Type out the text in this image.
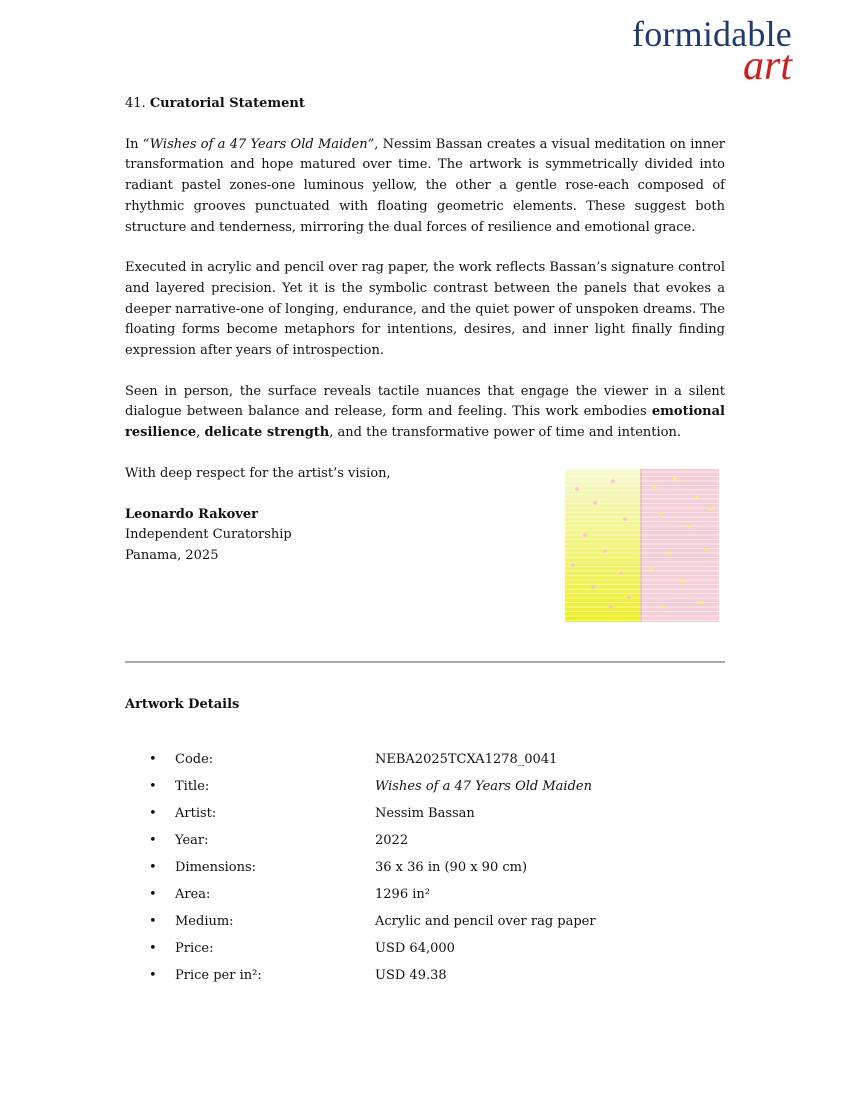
formidable
art

41. Curatorial Statement

In “Wishes of a 47 Years Old Maiden”, Nessim Bassan creates a visual meditation on inner transformation and hope matured over time. The artwork is symmetrically divided into radiant pastel zones-one luminous yellow, the other a gentle rose-each composed of rhythmic grooves punctuated with floating geometric elements. These suggest both structure and tenderness, mirroring the dual forces of resilience and emotional grace.

Executed in acrylic and pencil over rag paper, the work reflects Bassan’s signature control and layered precision. Yet it is the symbolic contrast between the panels that evokes a deeper narrative-one of longing, endurance, and the quiet power of unspoken dreams. The floating forms become metaphors for intentions, desires, and inner light finally finding expression after years of introspection.

Seen in person, the surface reveals tactile nuances that engage the viewer in a silent dialogue between balance and release, form and feeling. This work embodies emotional resilience, delicate strength, and the transformative power of time and intention.

With deep respect for the artist’s vision,

Leonardo Rakover
Independent Curatorship
Panama, 2025
Artwork Details
• Code:	NEBA2025TCXA1278_0041
• Title:	Wishes of a 47 Years Old Maiden
• Artist:	Nessim Bassan
• Year:	2022
• Dimensions:	36 x 36 in (90 x 90 cm)
• Area:	1296 in²
• Medium:	Acrylic and pencil over rag paper
• Price:	USD 64,000
• Price per in²:	USD 49.38
